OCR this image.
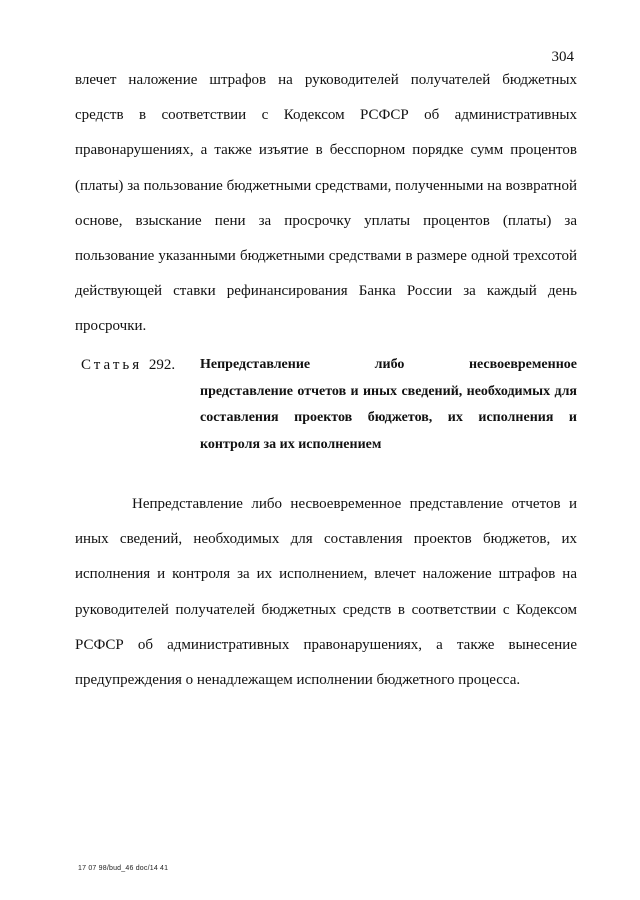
304

влечет наложение штрафов на руководителей получателей бюджетных средств в соответствии с Кодексом РСФСР об административных правонарушениях, а также изъятие в бесспорном порядке сумм процентов (платы) за пользование бюджетными средствами, полученными на возвратной основе, взыскание пени за просрочку уплаты процентов (платы) за пользование указанными бюджетными средствами в размере одной трехсотой действующей ставки рефинансирования Банка России за каждый день просрочки.

Статья 292. Непредставление	либо	несвоевременное
представление отчетов и иных сведений, необходимых для составления проектов бюджетов, их исполнения и контроля за их исполнением

Непредставление либо несвоевременное представление отчетов и иных сведений, необходимых для составления проектов бюджетов, их исполнения и контроля за их исполнением, влечет наложение штрафов на руководителей получателей бюджетных средств в соответствии с Кодексом РСФСР об административных правонарушениях, а также вынесение предупреждения о ненадлежащем исполнении бюджетного процесса.

17 07 98/bud_46 doc/14 41
